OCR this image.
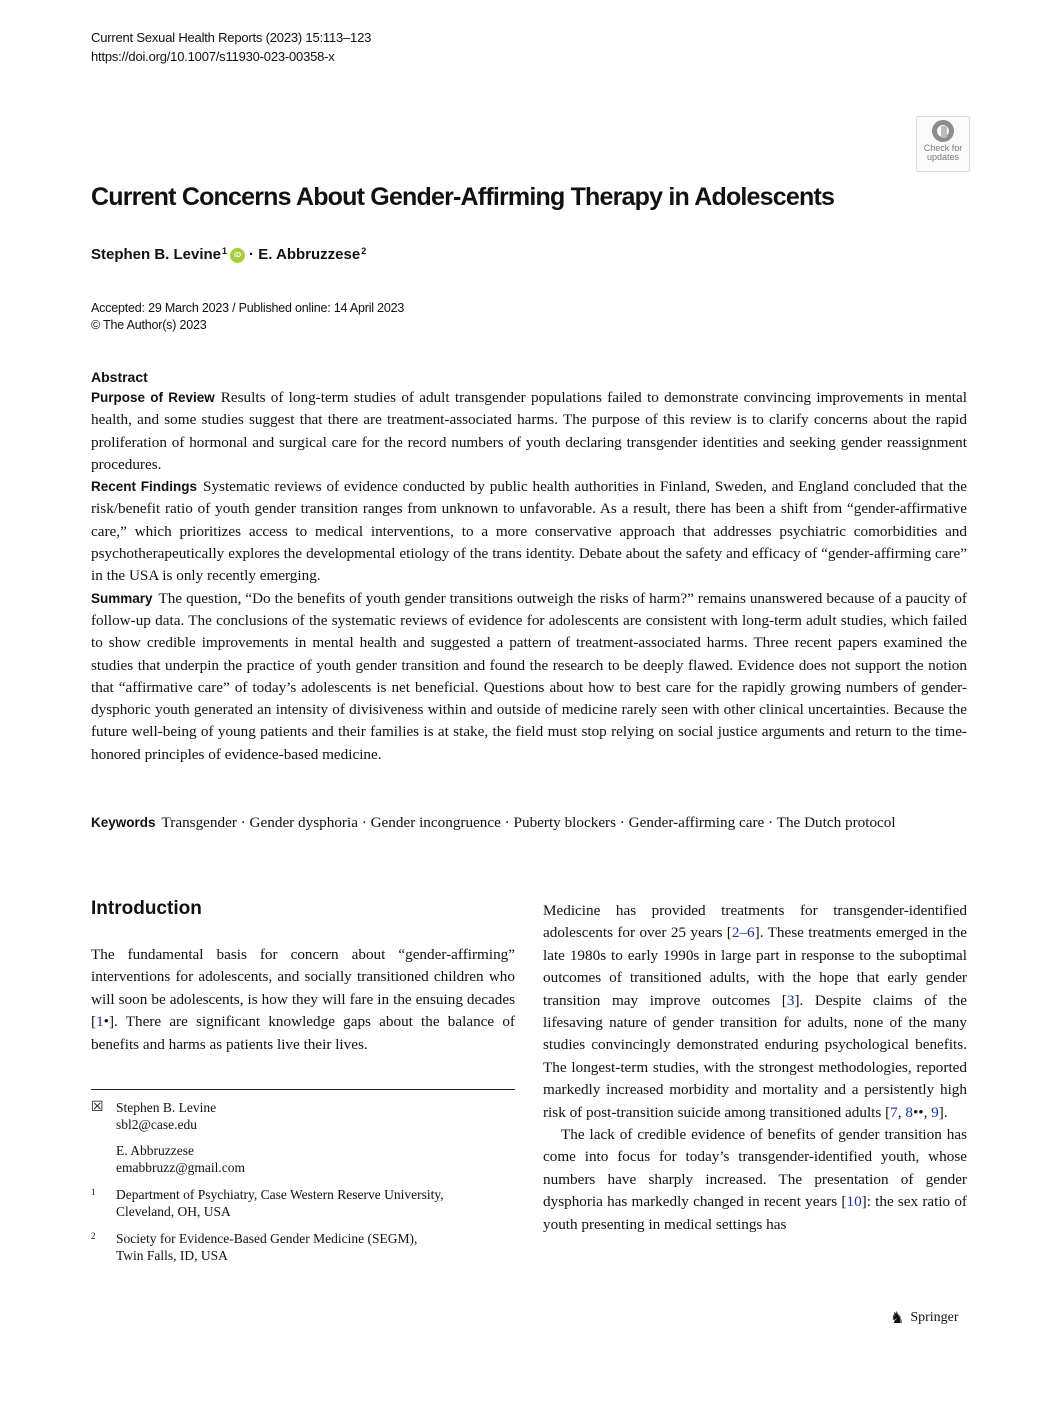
Current Sexual Health Reports (2023) 15:113–123
https://doi.org/10.1007/s11930-023-00358-x
Check for
updates
Current Concerns About Gender-Affirming Therapy in Adolescents
Stephen B. Levine$^1$	iD · E. Abbruzzese$^2$
Accepted: 29 March 2023 / Published online: 14 April 2023
© The Author(s) 2023
Abstract

Purpose of Review Results of long-term studies of adult transgender populations failed to demonstrate convincing improvements in mental health, and some studies suggest that there are treatment-associated harms. The purpose of this review is to clarify concerns about the rapid proliferation of hormonal and surgical care for the record numbers of youth declaring transgender identities and seeking gender reassignment procedures.

Recent Findings Systematic reviews of evidence conducted by public health authorities in Finland, Sweden, and England concluded that the risk/benefit ratio of youth gender transition ranges from unknown to unfavorable. As a result, there has been a shift from “gender-affirmative care,” which prioritizes access to medical interventions, to a more conservative approach that addresses psychiatric comorbidities and psychotherapeutically explores the developmental etiology of the trans identity. Debate about the safety and efficacy of “gender-affirming care” in the USA is only recently emerging.

Summary The question, “Do the benefits of youth gender transitions outweigh the risks of harm?” remains unanswered because of a paucity of follow-up data. The conclusions of the systematic reviews of evidence for adolescents are consistent with long-term adult studies, which failed to show credible improvements in mental health and suggested a pattern of treatment-associated harms. Three recent papers examined the studies that underpin the practice of youth gender transition and found the research to be deeply flawed. Evidence does not support the notion that “affirmative care” of today’s adolescents is net beneficial. Questions about how to best care for the rapidly growing numbers of gender-dysphoric youth generated an intensity of divisiveness within and outside of medicine rarely seen with other clinical uncertainties. Because the future well-being of young patients and their families is at stake, the field must stop relying on social justice arguments and return to the time-honored principles of evidence-based medicine.

Keywords Transgender · Gender dysphoria · Gender incongruence · Puberty blockers · Gender-affirming care · The Dutch protocol
Introduction

The fundamental basis for concern about “gender-affirming” interventions for adolescents, and socially transitioned children who will soon be adolescents, is how they will fare in the ensuing decades [1•]. There are significant knowledge gaps about the balance of benefits and harms as patients live their lives.

☒ Stephen B. Levine
sbl2@case.edu
E. Abbruzzese
emabbruzz@gmail.com
1	Department of Psychiatry, Case Western Reserve University,
Cleveland, OH, USA
2	Society for Evidence-Based Gender Medicine (SEGM),
Twin Falls, ID, USA

Medicine has provided treatments for transgender-identified adolescents for over 25 years [2–6]. These treatments emerged in the late 1980s to early 1990s in large part in response to the suboptimal outcomes of transitioned adults, with the hope that early gender transition may improve outcomes [3]. Despite claims of the lifesaving nature of gender transition for adults, none of the many studies convincingly demonstrated enduring psychological benefits. The longest-term studies, with the strongest methodologies, reported markedly increased morbidity and mortality and a persistently high risk of post-transition suicide among transitioned adults [7, 8••, 9].

The lack of credible evidence of benefits of gender transition has come into focus for today’s transgender-identified youth, whose numbers have sharply increased. The presentation of gender dysphoria has markedly changed in recent years [10]: the sex ratio of youth presenting in medical settings has

♞ Springer
